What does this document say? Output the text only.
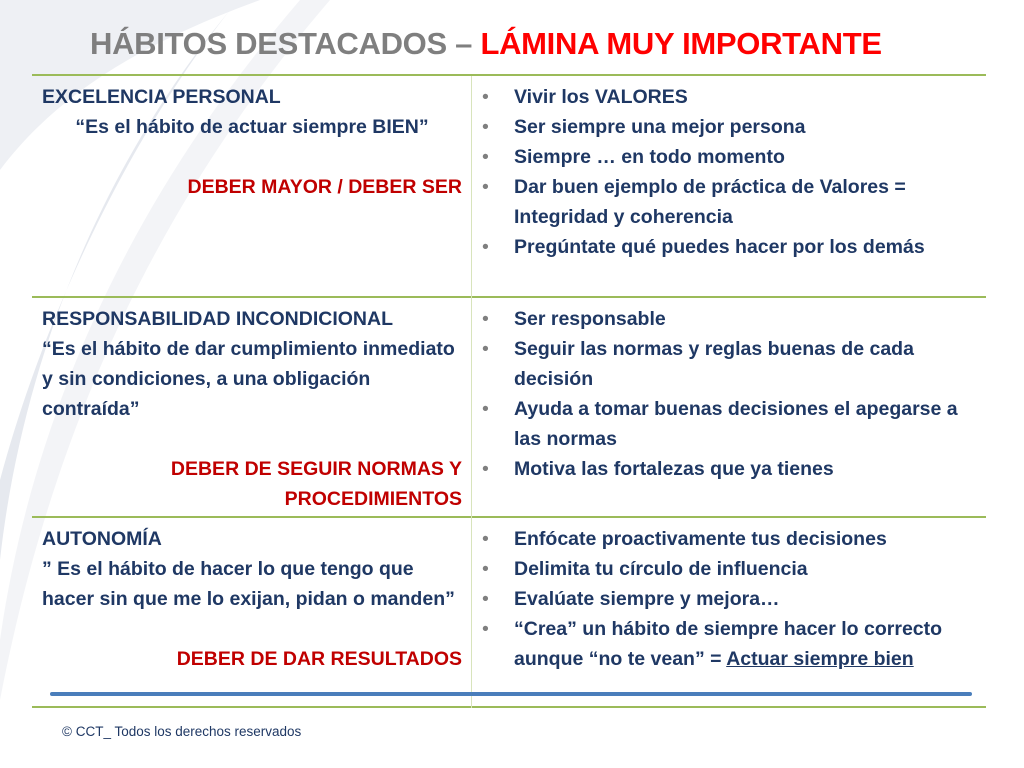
HÁBITOS DESTACADOS – LÁMINA MUY IMPORTANTE
EXCELENCIA PERSONAL
“Es el hábito de actuar siempre BIEN”
DEBER MAYOR / DEBER SER
• Vivir los VALORES
• Ser siempre una mejor persona
• Siempre … en todo momento
• Dar buen ejemplo de práctica de Valores = Integridad y coherencia
• Pregúntate qué puedes hacer por los demás
RESPONSABILIDAD INCONDICIONAL
“Es el hábito de dar cumplimiento inmediato y sin condiciones, a una obligación contraída”
DEBER DE SEGUIR NORMAS Y PROCEDIMIENTOS
• Ser responsable
• Seguir las normas y reglas buenas de cada decisión
• Ayuda a tomar buenas decisiones el apegarse a las normas
• Motiva las fortalezas que ya tienes
AUTONOMÍA
” Es el hábito de hacer lo que tengo que hacer sin que me lo exijan, pidan o manden”
DEBER DE DAR RESULTADOS
• Enfócate proactivamente tus decisiones
• Delimita tu círculo de influencia
• Evalúate siempre y mejora…
• “Crea” un hábito de siempre hacer lo correcto aunque “no te vean” = Actuar siempre bien
© CCT_ Todos los derechos reservados
